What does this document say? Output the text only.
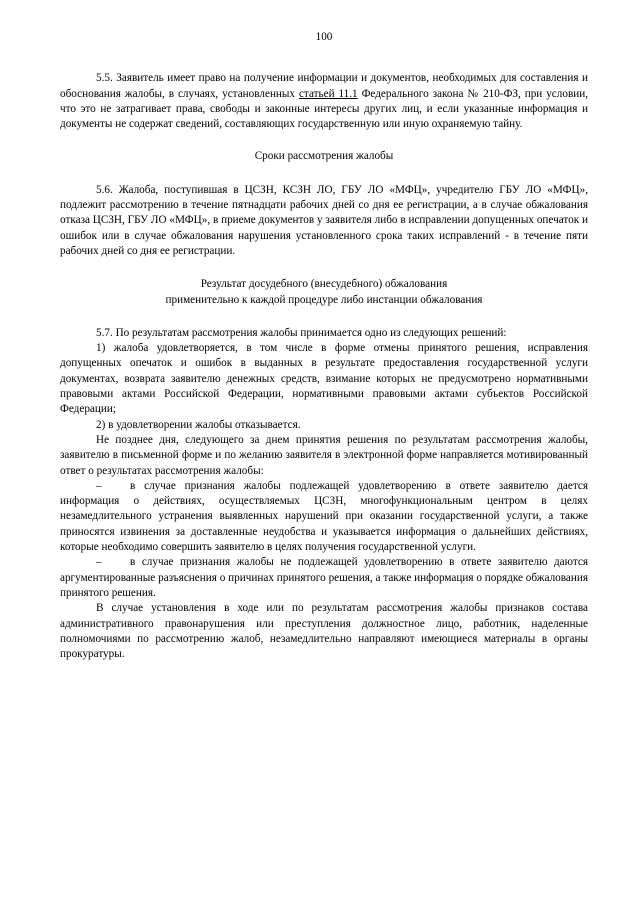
100

5.5. Заявитель имеет право на получение информации и документов, необходимых для составления и обоснования жалобы, в случаях, установленных статьей 11.1 Федерального закона № 210-ФЗ, при условии, что это не затрагивает права, свободы и законные интересы других лиц, и если указанные информация и документы не содержат сведений, составляющих государственную или иную охраняемую тайну.

Сроки рассмотрения жалобы

5.6. Жалоба, поступившая в ЦСЗН, КСЗН ЛО, ГБУ ЛО «МФЦ», учредителю ГБУ ЛО «МФЦ», подлежит рассмотрению в течение пятнадцати рабочих дней со дня ее регистрации, а в случае обжалования отказа ЦСЗН, ГБУ ЛО «МФЦ», в приеме документов у заявителя либо в исправлении допущенных опечаток и ошибок или в случае обжалования нарушения установленного срока таких исправлений - в течение пяти рабочих дней со дня ее регистрации.

Результат досудебного (внесудебного) обжалования
применительно к каждой процедуре либо инстанции обжалования

5.7. По результатам рассмотрения жалобы принимается одно из следующих решений:

1) жалоба удовлетворяется, в том числе в форме отмены принятого решения, исправления допущенных опечаток и ошибок в выданных в результате предоставления государственной услуги документах, возврата заявителю денежных средств, взимание которых не предусмотрено нормативными правовыми актами Российской Федерации, нормативными правовыми актами субъектов Российской Федерации;

2) в удовлетворении жалобы отказывается.

Не позднее дня, следующего за днем принятия решения по результатам рассмотрения жалобы, заявителю в письменной форме и по желанию заявителя в электронной форме направляется мотивированный ответ о результатах рассмотрения жалобы:

–	в случае признания жалобы подлежащей удовлетворению в ответе заявителю дается информация о действиях, осуществляемых ЦСЗН, многофункциональным центром в целях незамедлительного устранения выявленных нарушений при оказании государственной услуги, а также приносятся извинения за доставленные неудобства и указывается информация о дальнейших действиях, которые необходимо совершить заявителю в целях получения государственной услуги.

–	в случае признания жалобы не подлежащей удовлетворению в ответе заявителю даются аргументированные разъяснения о причинах принятого решения, а также информация о порядке обжалования принятого решения.

В случае установления в ходе или по результатам рассмотрения жалобы признаков состава административного правонарушения или преступления должностное лицо, работник, наделенные полномочиями по рассмотрению жалоб, незамедлительно направляют имеющиеся материалы в органы прокуратуры.
